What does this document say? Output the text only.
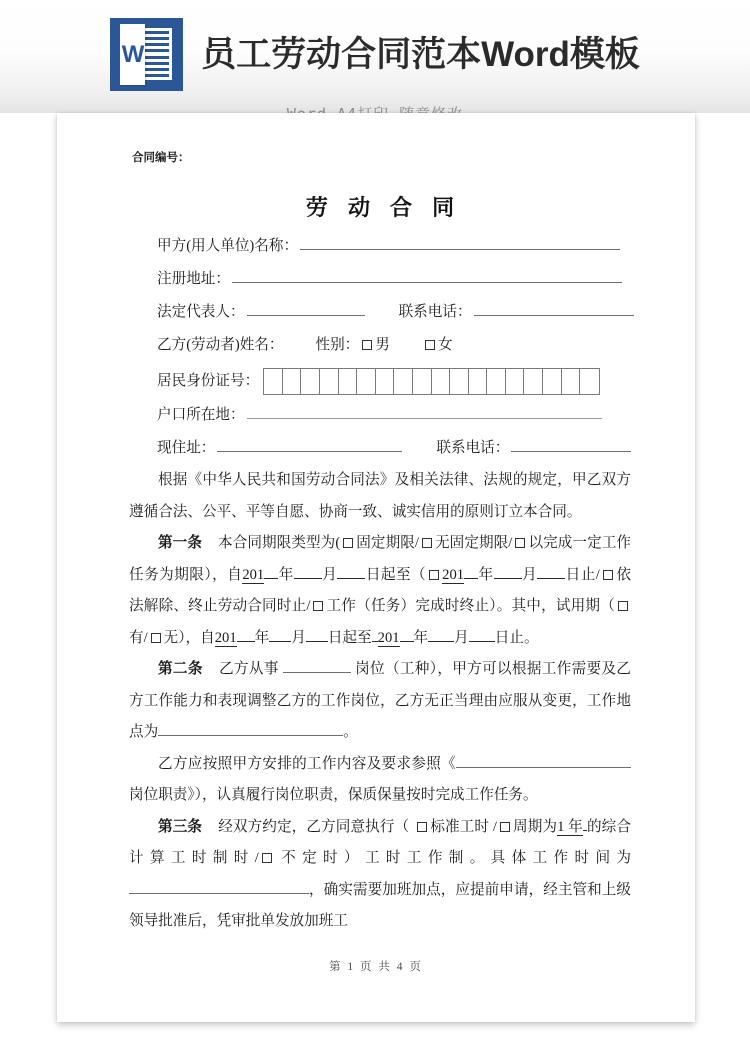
W 员工劳动合同范本Word模板
合同编号：
劳 动 合 同
甲方(用人单位)名称：
注册地址：
法定代表人：	联系电话：
乙方(劳动者)姓名： 性别： 男	女
居民身份证号：
户口所在地：
现住址：	联系电话：

根据《中华人民共和国劳动合同法》及相关法律、法规的规定，甲乙双方遵循合法、公平、平等自愿、协商一致、诚实信用的原则订立本合同。

第一条 本合同期限类型为( 固定期限/ 无固定期限/ 以完成一定工作任务为期限），自201 年 月 日起至（ 201 年 月 日止/ 依法解除、终止劳动合同时止/ 工作（任务）完成时终止）。其中，试用期（有/ 无），自201 年 月 日起至 201 年 月 日止。

第二条 乙方从事	岗位（工种），甲方可以根据工作需要及乙方工作能力和表现调整乙方的工作岗位，乙方无正当理由应服从变更，工作地点为	。

乙方应按照甲方安排的工作内容及要求参照《岗位职责》），认真履行岗位职责，保质保量按时完成工作任务。

第三条 经双方约定，乙方同意执行（ 标准工时 / 周期为1 年 的综合计算工时制时/ 不定时）工时工作制。具体工作时间为，确实需要加班加点，应提前申请，经主管和上级领导批准后，凭审批单发放加班工

第 1 页 共 4 页
